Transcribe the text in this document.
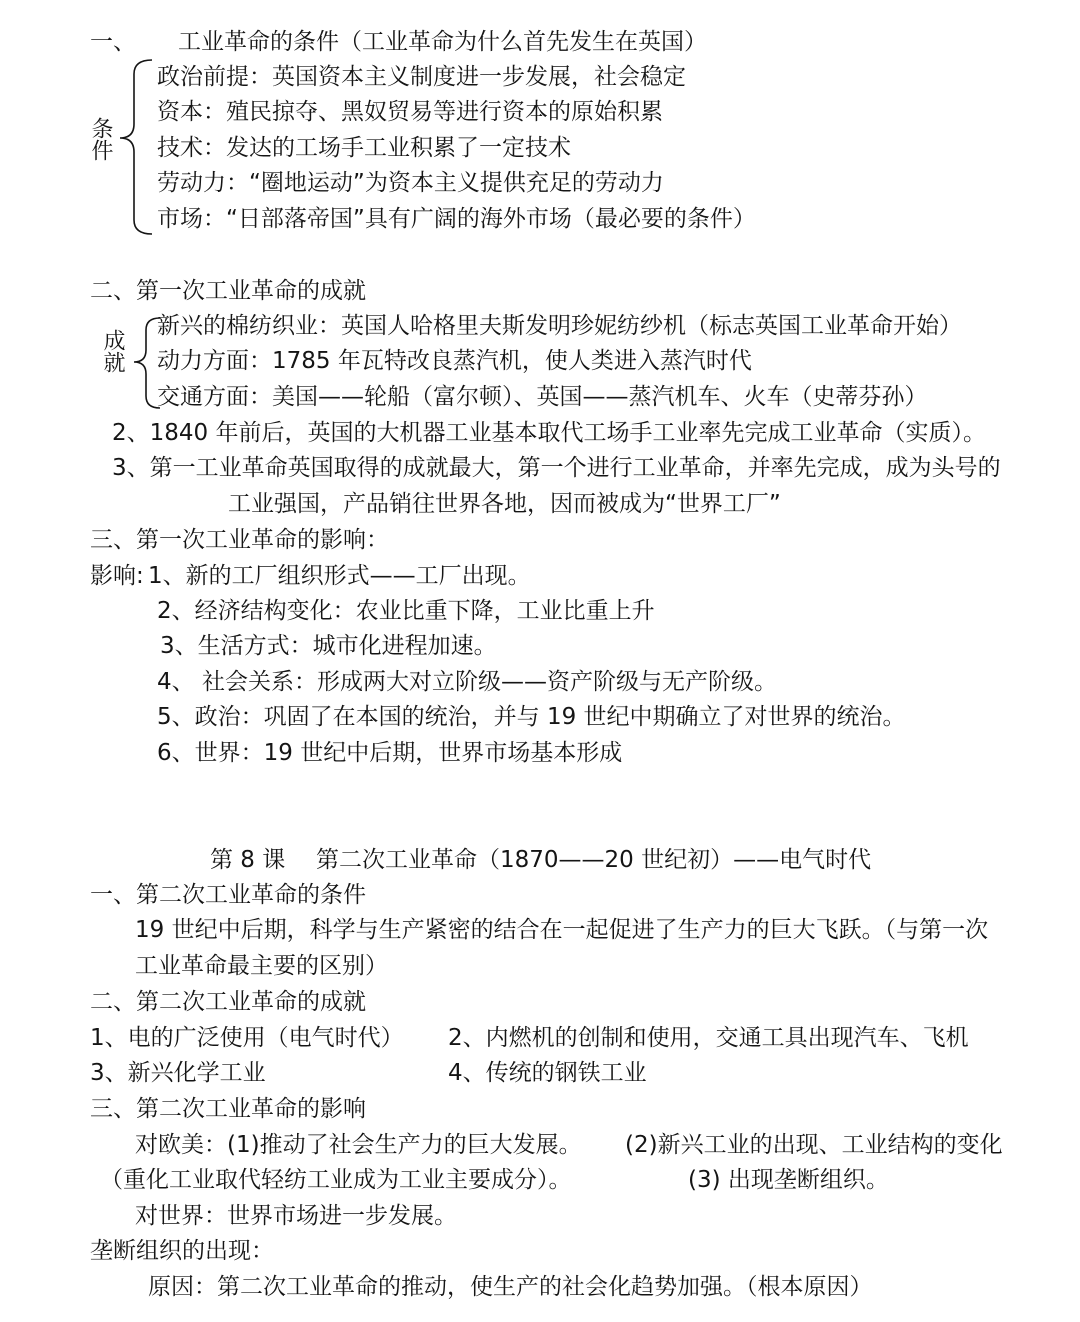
一、 工业革命的条件（工业革命为什么首先发生在英国）
条件
政治前提：英国资本主义制度进一步发展，社会稳定
资本：殖民掠夺、黑奴贸易等进行资本的原始积累
技术：发达的工场手工业积累了一定技术
劳动力：“圈地运动”为资本主义提供充足的劳动力
市场：“日部落帝国”具有广阔的海外市场（最必要的条件）
二、第一次工业革命的成就
成就
新兴的棉纺织业：英国人哈格里夫斯发明珍妮纺纱机（标志英国工业革命开始）
动力方面：1785 年瓦特改良蒸汽机，使人类进入蒸汽时代
交通方面：美国——轮船（富尔顿）、英国——蒸汽机车、火车（史蒂芬孙）
2、1840 年前后，英国的大机器工业基本取代工场手工业率先完成工业革命（实质）。
3、第一工业革命英国取得的成就最大，第一个进行工业革命，并率先完成，成为头号的
工业强国，产品销往世界各地，因而被成为“世界工厂”
三、第一次工业革命的影响：
影响: 1、新的工厂组织形式——工厂出现。
2、经济结构变化：农业比重下降，工业比重上升
3、生活方式：城市化进程加速。
4、 社会关系：形成两大对立阶级——资产阶级与无产阶级。
5、政治：巩固了在本国的统治，并与 19 世纪中期确立了对世界的统治。
6、世界：19 世纪中后期，世界市场基本形成
第 8 课 第二次工业革命（1870——20 世纪初）——电气时代
一、第二次工业革命的条件
19 世纪中后期，科学与生产紧密的结合在一起促进了生产力的巨大飞跃。（与第一次
工业革命最主要的区别）
二、第二次工业革命的成就
1、电的广泛使用（电气时代） 2、内燃机的创制和使用，交通工具出现汽车、飞机
3、新兴化学工业	4、传统的钢铁工业
三、第二次工业革命的影响
对欧美：(1)推动了社会生产力的巨大发展。 (2)新兴工业的出现、工业结构的变化
（重化工业取代轻纺工业成为工业主要成分）。	(3) 出现垄断组织。
对世界：世界市场进一步发展。
垄断组织的出现：
原因：第二次工业革命的推动，使生产的社会化趋势加强。（根本原因）
